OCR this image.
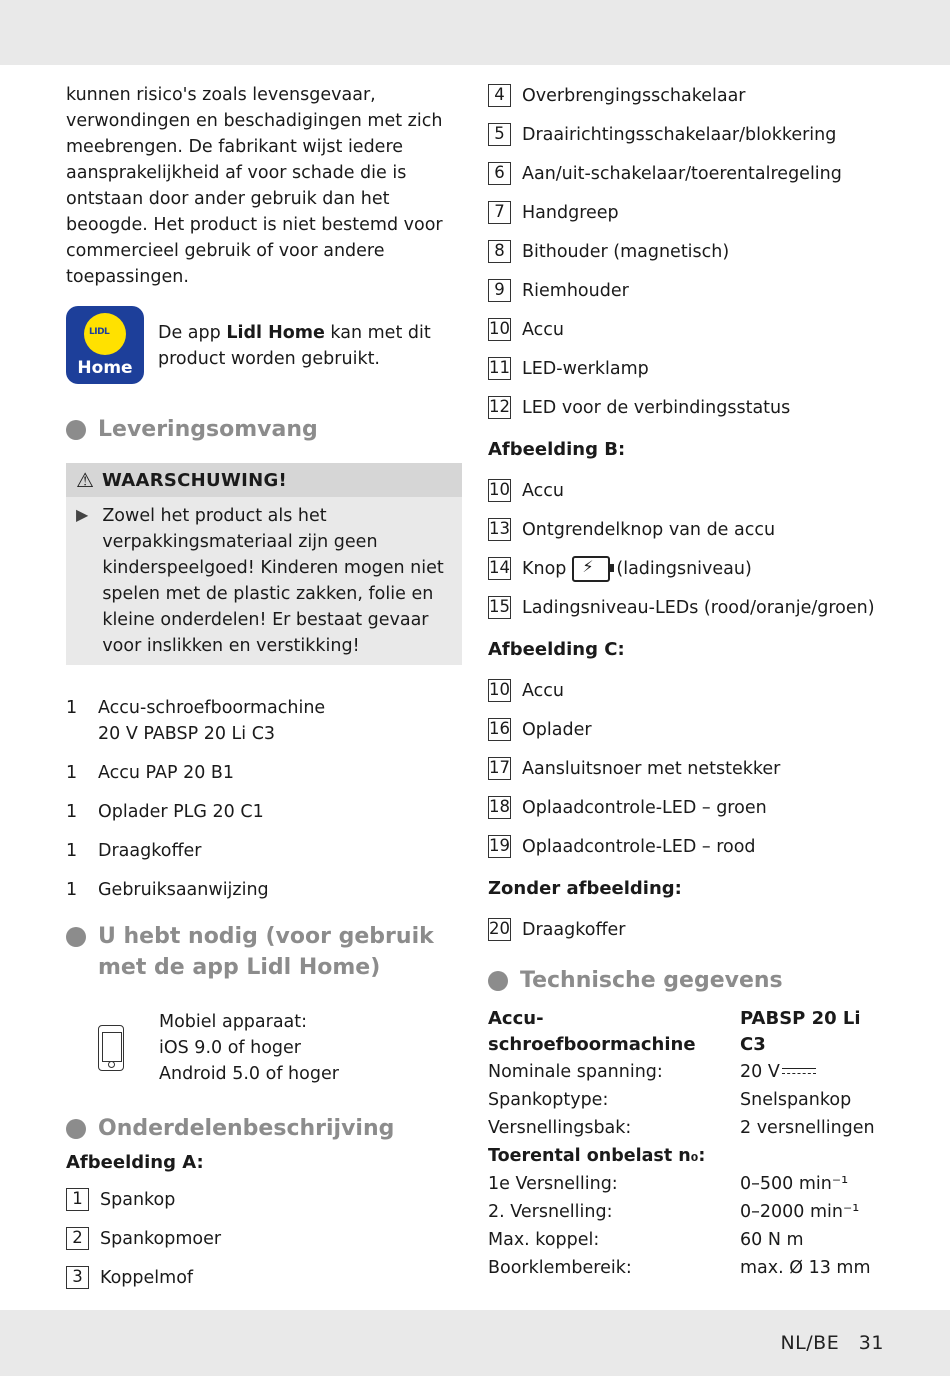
kunnen risico's zoals levensgevaar, verwondingen en beschadigingen met zich meebrengen. De fabrikant wijst iedere aansprakelijkheid af voor schade die is ontstaan door ander gebruik dan het beoogde. Het product is niet bestemd voor commercieel gebruik of voor andere toepassingen.

LIDL
Home
De app Lidl Home kan met dit product worden gebruikt.
Leveringsomvang
⚠ WAARSCHUWING!
▶ Zowel het product als het verpakkingsmateriaal zijn geen kinderspeelgoed! Kinderen mogen niet spelen met de plastic zakken, folie en kleine onderdelen! Er bestaat gevaar voor inslikken en verstikking!
1	Accu-schroefboormachine 20 V PABSP 20 Li C3
1	Accu PAP 20 B1
1	Oplader PLG 20 C1
1	Draagkoffer
1	Gebruiksaanwijzing
U hebt nodig (voor gebruik met de app Lidl Home)
Mobiel apparaat:
iOS 9.0 of hoger
Android 5.0 of hoger
Onderdelenbeschrijving
Afbeelding A:
1 Spankop
2 Spankopmoer
3 Koppelmof
4 Overbrengingsschakelaar
5 Draairichtingsschakelaar/blokkering
6 Aan/uit-schakelaar/toerentalregeling
7 Handgreep
8 Bithouder (magnetisch)
9 Riemhouder
10 Accu
11 LED-werklamp
12 LED voor de verbindingsstatus
Afbeelding B:
10 Accu
13 Ontgrendelknop van de accu
14 Knop ⚡ (ladingsniveau)
15 Ladingsniveau-LEDs (rood/oranje/groen)
Afbeelding C:
10 Accu
16 Oplader
17 Aansluitsnoer met netstekker
18 Oplaadcontrole-LED – groen
19 Oplaadcontrole-LED – rood
Zonder afbeelding:
20 Draagkoffer
Technische gegevens
Accu-schroefboormachine
PABSP 20 Li C3
Nominale spanning:	20 V
Spankoptype:	Snelspankop
Versnellingsbak:	2 versnellingen
Toerental onbelast n₀:
1e Versnelling:	0–500 min⁻¹
2. Versnelling:	0–2000 min⁻¹
Max. koppel:	60 N m
Boorklembereik:	max. Ø 13 mm
NL/BE   31
